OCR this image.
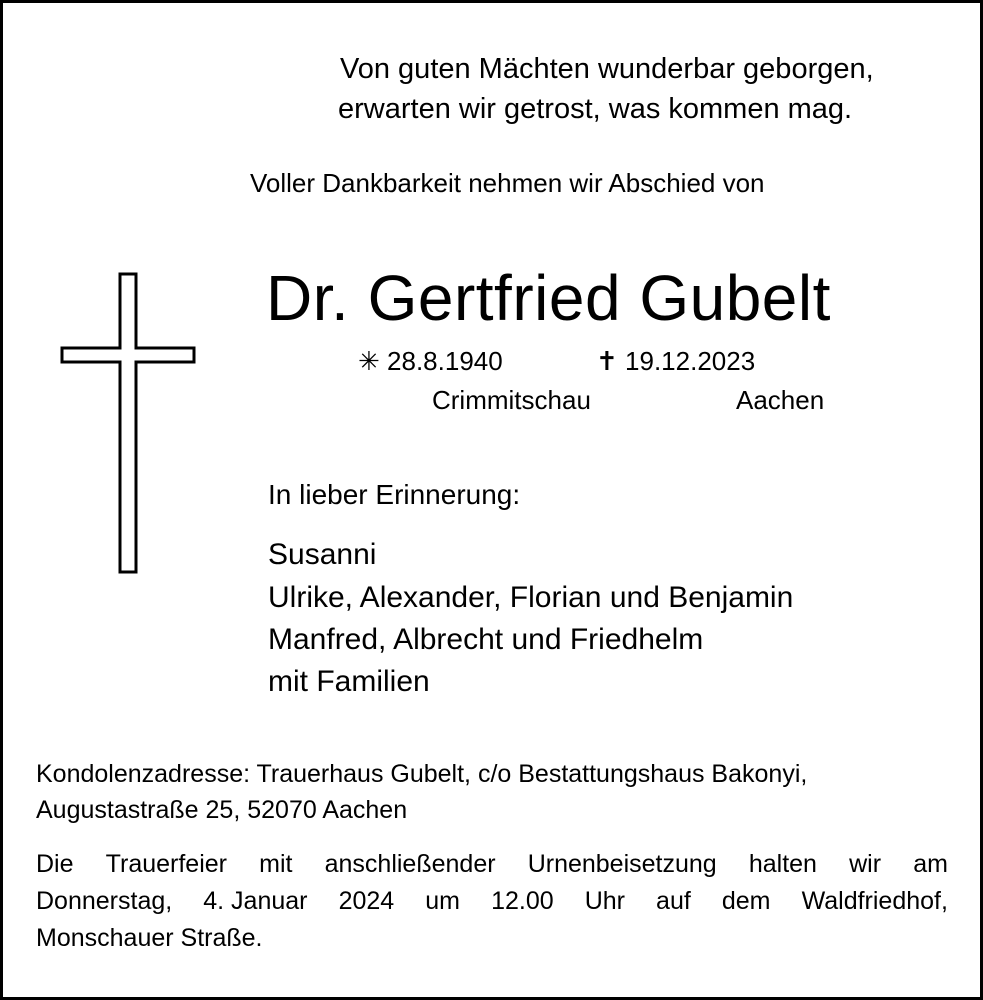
Von guten Mächten wunderbar geborgen,
erwarten wir getrost, was kommen mag.
Voller Dankbarkeit nehmen wir Abschied von
Dr. Gertfried Gubelt
✳ 28.8.1940	✝ 19.12.2023
Crimmitschau	Aachen
In lieber Erinnerung:
Susanni
Ulrike, Alexander, Florian und Benjamin
Manfred, Albrecht und Friedhelm
mit Familien
Kondolenzadresse: Trauerhaus Gubelt, c/o Bestattungshaus Bakonyi,
Augustastraße 25, 52070 Aachen
Die Trauerfeier mit anschließender Urnenbeisetzung halten wir am
Donnerstag, 4. Januar 2024 um 12.00 Uhr auf dem Waldfriedhof,
Monschauer Straße.
